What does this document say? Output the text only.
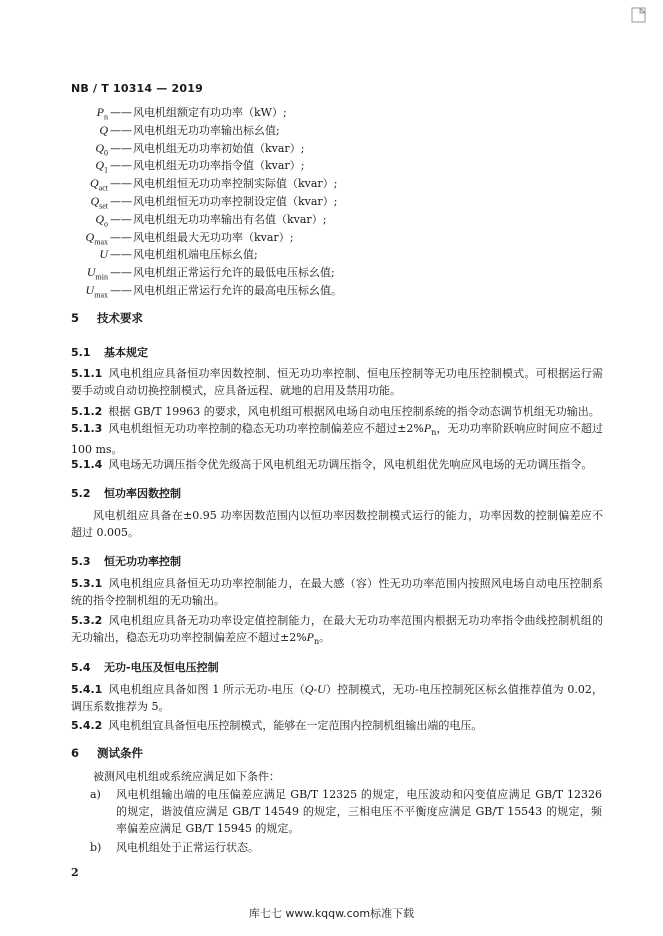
NB / T 10314 — 2019
$P_n$ —— 风电机组额定有功功率（kW）;
Q —— 风电机组无功功率输出标幺值;
$Q_0$ —— 风电机组无功功率初始值（kvar）;
$Q_1$ —— 风电机组无功功率指令值（kvar）;
$Q_{act}$ —— 风电机组恒无功功率控制实际值（kvar）;
$Q_{set}$ —— 风电机组恒无功功率控制设定值（kvar）;
$Q_o$ —— 风电机组无功功率输出有名值（kvar）;
$Q_{max}$ —— 风电机组最大无功功率（kvar）;
U —— 风电机组机端电压标幺值;
$U_{min}$ —— 风电机组正常运行允许的最低电压标幺值;
$U_{max}$ —— 风电机组正常运行允许的最高电压标幺值。
5 技术要求
5.1 基本规定
5.1.1 风电机组应具备恒功率因数控制、恒无功功率控制、恒电压控制等无功电压控制模式。可根据运行需要手动或自动切换控制模式，应具备远程、就地的启用及禁用功能。
5.1.2 根据 GB/T 19963 的要求，风电机组可根据风电场自动电压控制系统的指令动态调节机组无功输出。
5.1.3 风电机组恒无功功率控制的稳态无功功率控制偏差应不超过$\pm 2\%P_n$，无功功率阶跃响应时间应不超过 100 ms。
5.1.4 风电场无功调压指令优先级高于风电机组无功调压指令，风电机组优先响应风电场的无功调压指令。
5.2 恒功率因数控制
风电机组应具备在±0.95 功率因数范围内以恒功率因数控制模式运行的能力，功率因数的控制偏差应不超过 0.005。
5.3 恒无功功率控制
5.3.1 风电机组应具备恒无功功率控制能力，在最大感（容）性无功功率范围内按照风电场自动电压控制系统的指令控制机组的无功输出。
5.3.2 风电机组应具备无功功率设定值控制能力，在最大无功功率范围内根据无功功率指令曲线控制机组的无功输出，稳态无功功率控制偏差应不超过$\pm 2\%P_n$。
5.4 无功-电压及恒电压控制
5.4.1 风电机组应具备如图 1 所示无功-电压（Q-U）控制模式，无功-电压控制死区标幺值推荐值为 0.02，调压系数推荐为 5。
5.4.2 风电机组宜具备恒电压控制模式，能够在一定范围内控制机组输出端的电压。
6 测试条件
被测风电机组或系统应满足如下条件：
a)	风电机组输出端的电压偏差应满足 GB/T 12325 的规定，电压波动和闪变值应满足 GB/T 12326 的规定，谐波值应满足 GB/T 14549 的规定，三相电压不平衡度应满足 GB/T 15543 的规定，频率偏差应满足 GB/T 15945 的规定。
b)	风电机组处于正常运行状态。
2
库七七 www.kqqw.com标准下载
